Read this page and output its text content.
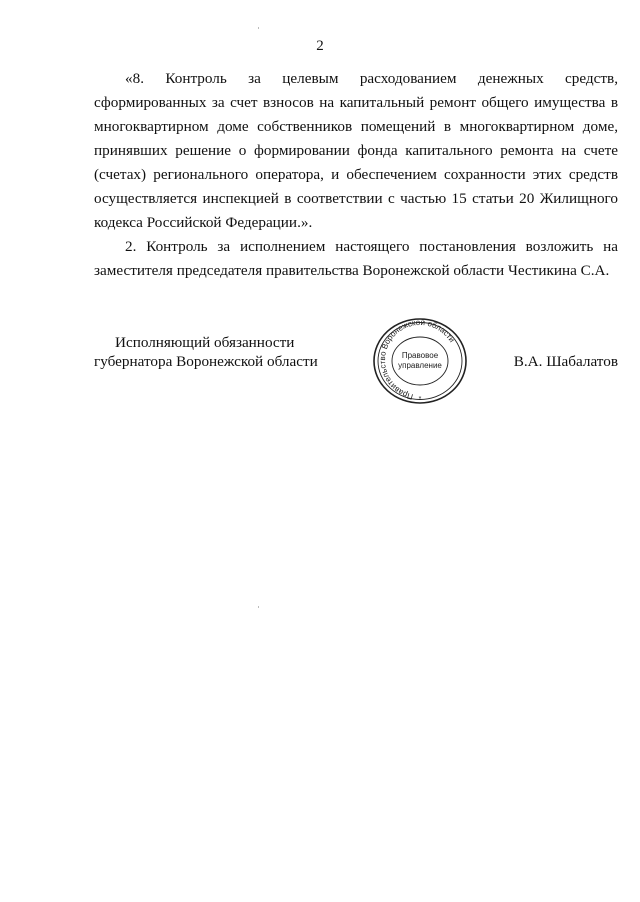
2

«8. Контроль за целевым расходованием денежных средств, сформированных за счет взносов на капитальный ремонт общего имущества в многоквартирном доме собственников помещений в многоквартирном доме, принявших решение о формировании фонда капитального ремонта на счете (счетах) регионального оператора, и обеспечением сохранности этих средств осуществляется инспекцией в соответствии с частью 15 статьи 20 Жилищного кодекса Российской Федерации.».

2. Контроль за исполнением настоящего постановления возложить на заместителя председателя правительства Воронежской области Честикина С.А.

Исполняющий обязанности
губернатора Воронежской области
Правительство Воронежской области
Правовое
управление
*
В.А. Шабалатов
